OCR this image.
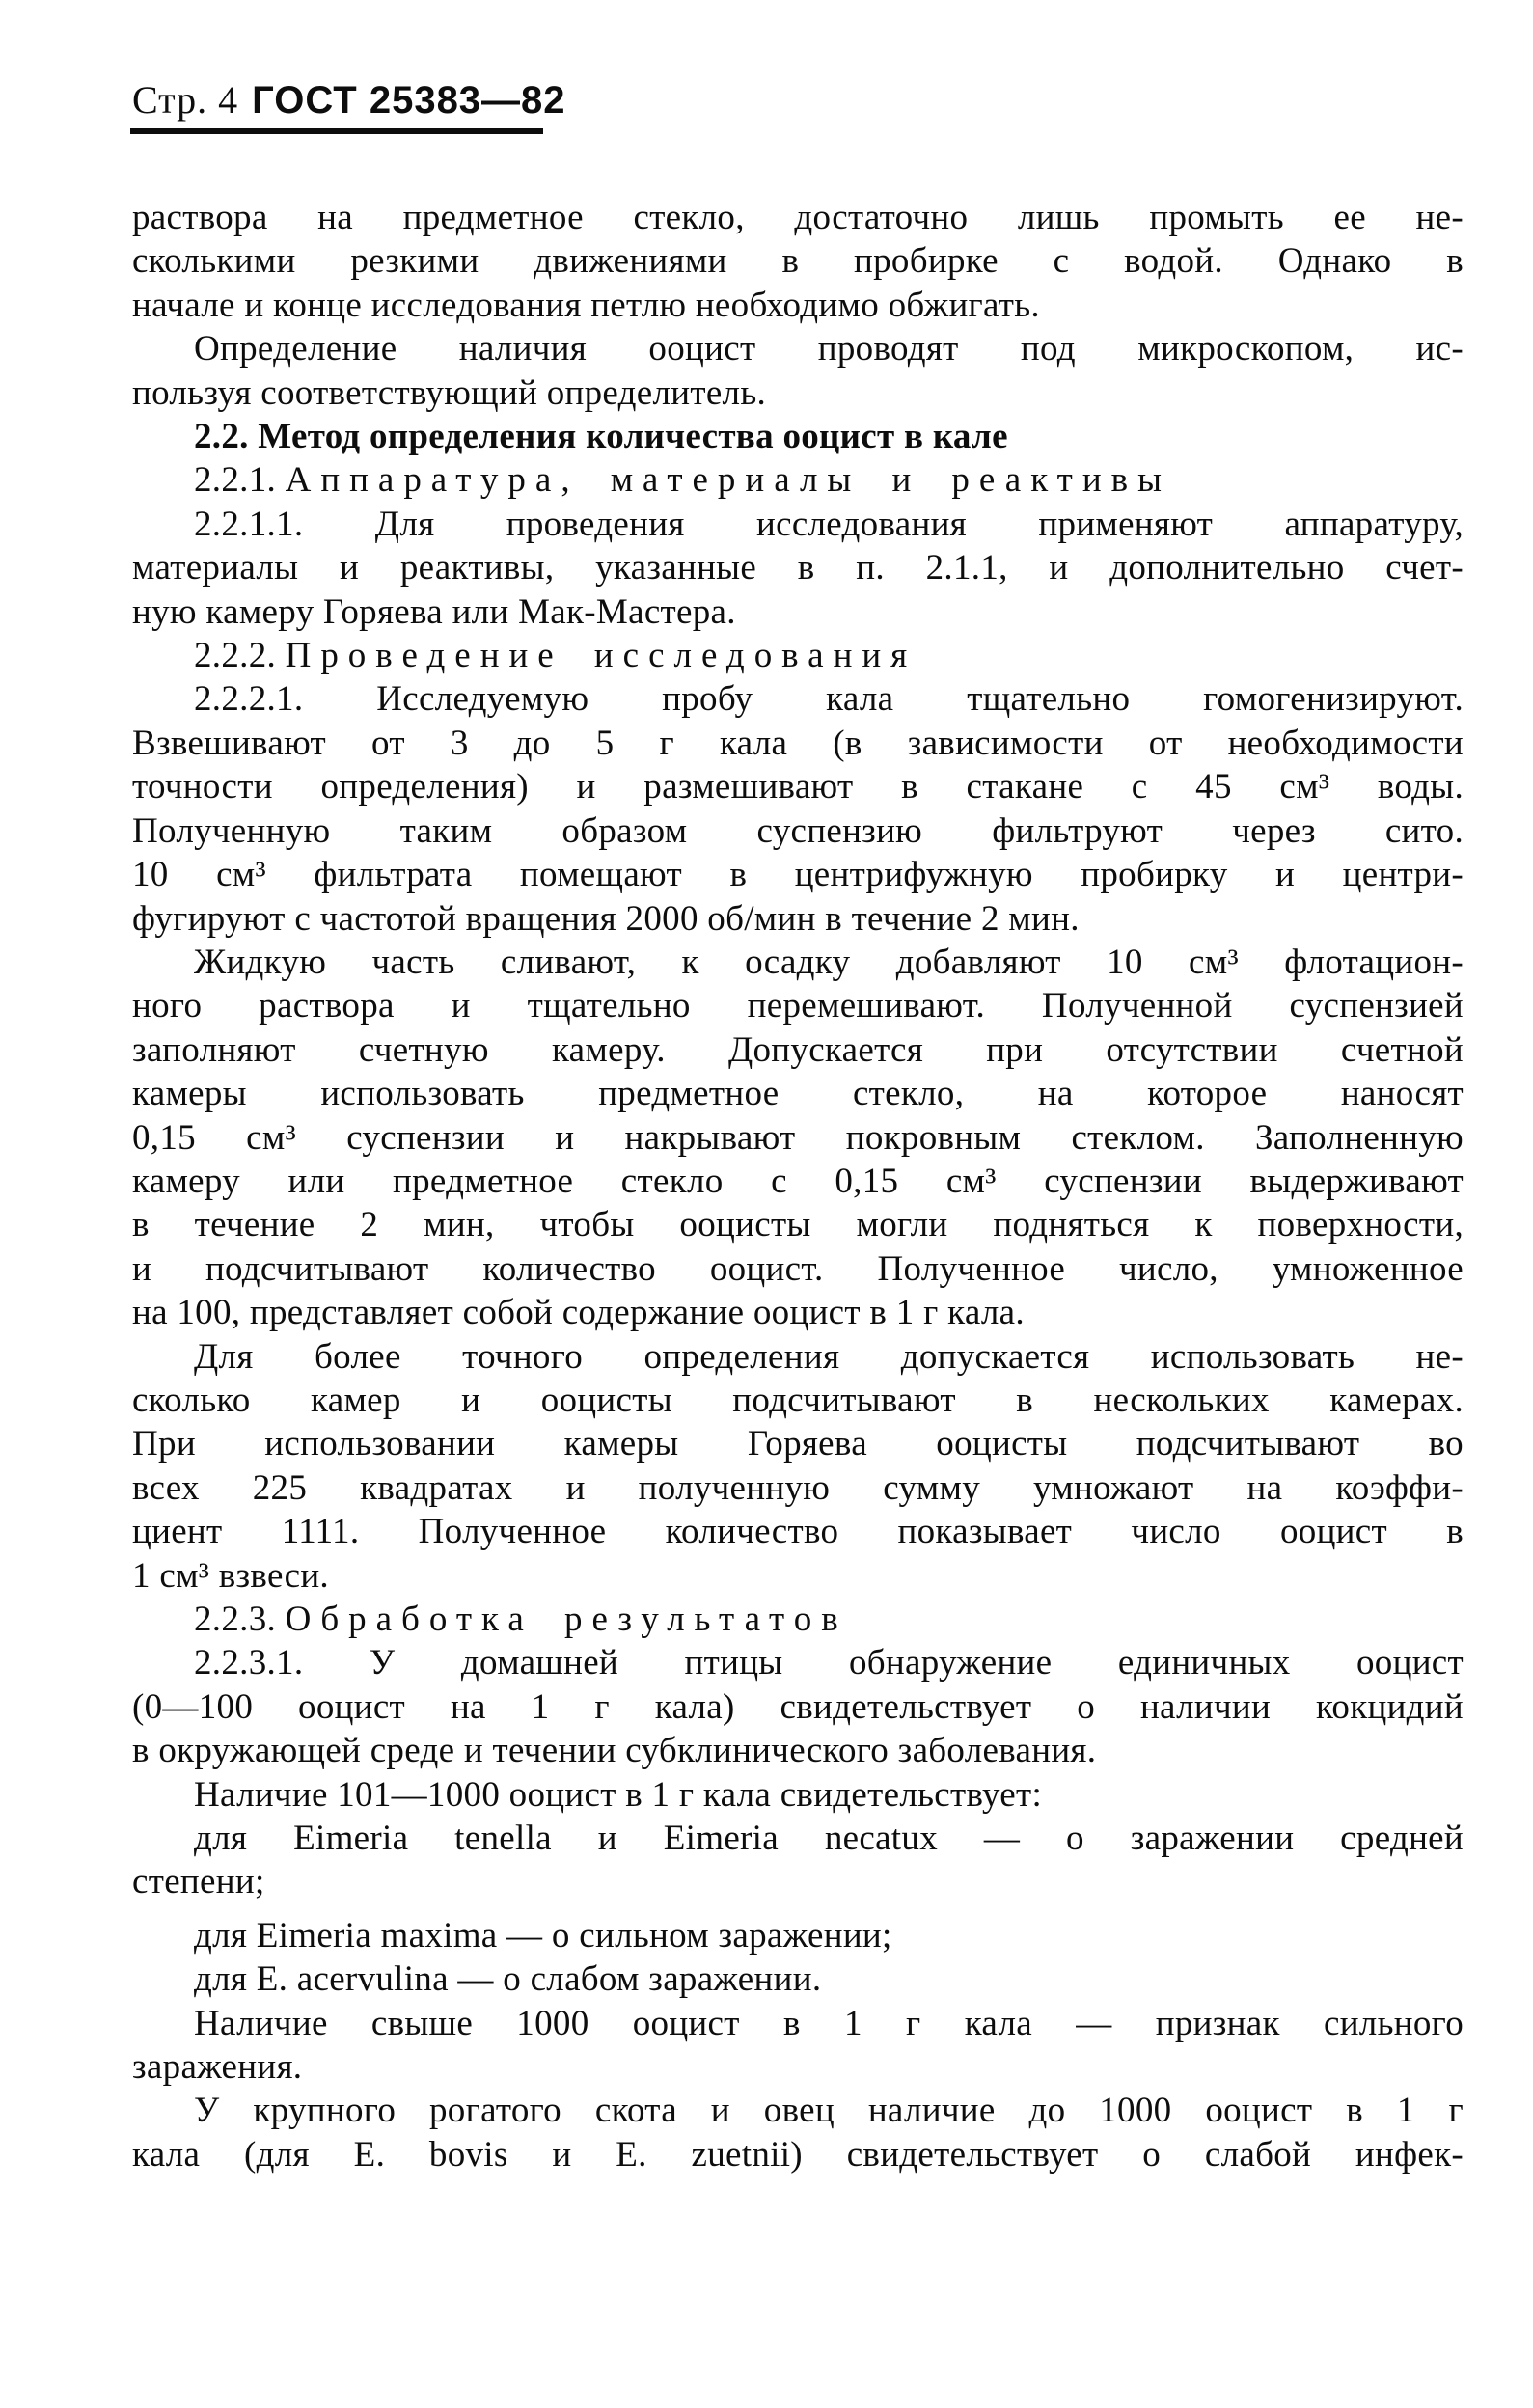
Стр. 4 ГОСТ 25383—82
раствора на предметное стекло, достаточно лишь промыть ее не-
сколькими резкими движениями в пробирке с водой. Однако в
начале и конце исследования петлю необходимо обжигать.
Определение наличия ооцист проводят под микроскопом, ис-
пользуя соответствующий определитель.
2.2. Метод определения количества ооцист в кале
2.2.1. Аппаратура, материалы и реактивы
2.2.1.1. Для проведения исследования применяют аппаратуру,
материалы и реактивы, указанные в п. 2.1.1, и дополнительно счет-
ную камеру Горяева или Мак-Мастера.
2.2.2. Проведение исследования
2.2.2.1. Исследуемую пробу кала тщательно гомогенизируют.
Взвешивают от 3 до 5 г кала (в зависимости от необходимости
точности определения) и размешивают в стакане с 45 см³ воды.
Полученную таким образом суспензию фильтруют через сито.
10 см³ фильтрата помещают в центрифужную пробирку и центри-
фугируют с частотой вращения 2000 об/мин в течение 2 мин.
Жидкую часть сливают, к осадку добавляют 10 см³ флотацион-
ного раствора и тщательно перемешивают. Полученной суспензией
заполняют счетную камеру. Допускается при отсутствии счетной
камеры использовать предметное стекло, на которое наносят
0,15 см³ суспензии и накрывают покровным стеклом. Заполненную
камеру или предметное стекло с 0,15 см³ суспензии выдерживают
в течение 2 мин, чтобы ооцисты могли подняться к поверхности,
и подсчитывают количество ооцист. Полученное число, умноженное
на 100, представляет собой содержание ооцист в 1 г кала.
Для более точного определения допускается использовать не-
сколько камер и ооцисты подсчитывают в нескольких камерах.
При использовании камеры Горяева ооцисты подсчитывают во
всех 225 квадратах и полученную сумму умножают на коэффи-
циент 1111. Полученное количество показывает число ооцист в
1 см³ взвеси.
2.2.3. Обработка результатов
2.2.3.1. У домашней птицы обнаружение единичных ооцист
(0—100 ооцист на 1 г кала) свидетельствует о наличии кокцидий
в окружающей среде и течении субклинического заболевания.
Наличие 101—1000 ооцист в 1 г кала свидетельствует:
для Eimeria tenella и Eimeria necatux — о заражении средней
степени;
для Eimeria maxima — о сильном заражении;
для E. acervulina — о слабом заражении.
Наличие свыше 1000 ооцист в 1 г кала — признак сильного
заражения.
У крупного рогатого скота и овец наличие до 1000 ооцист в 1 г
кала (для E. bovis и E. zuetnii) свидетельствует о слабой инфек-
